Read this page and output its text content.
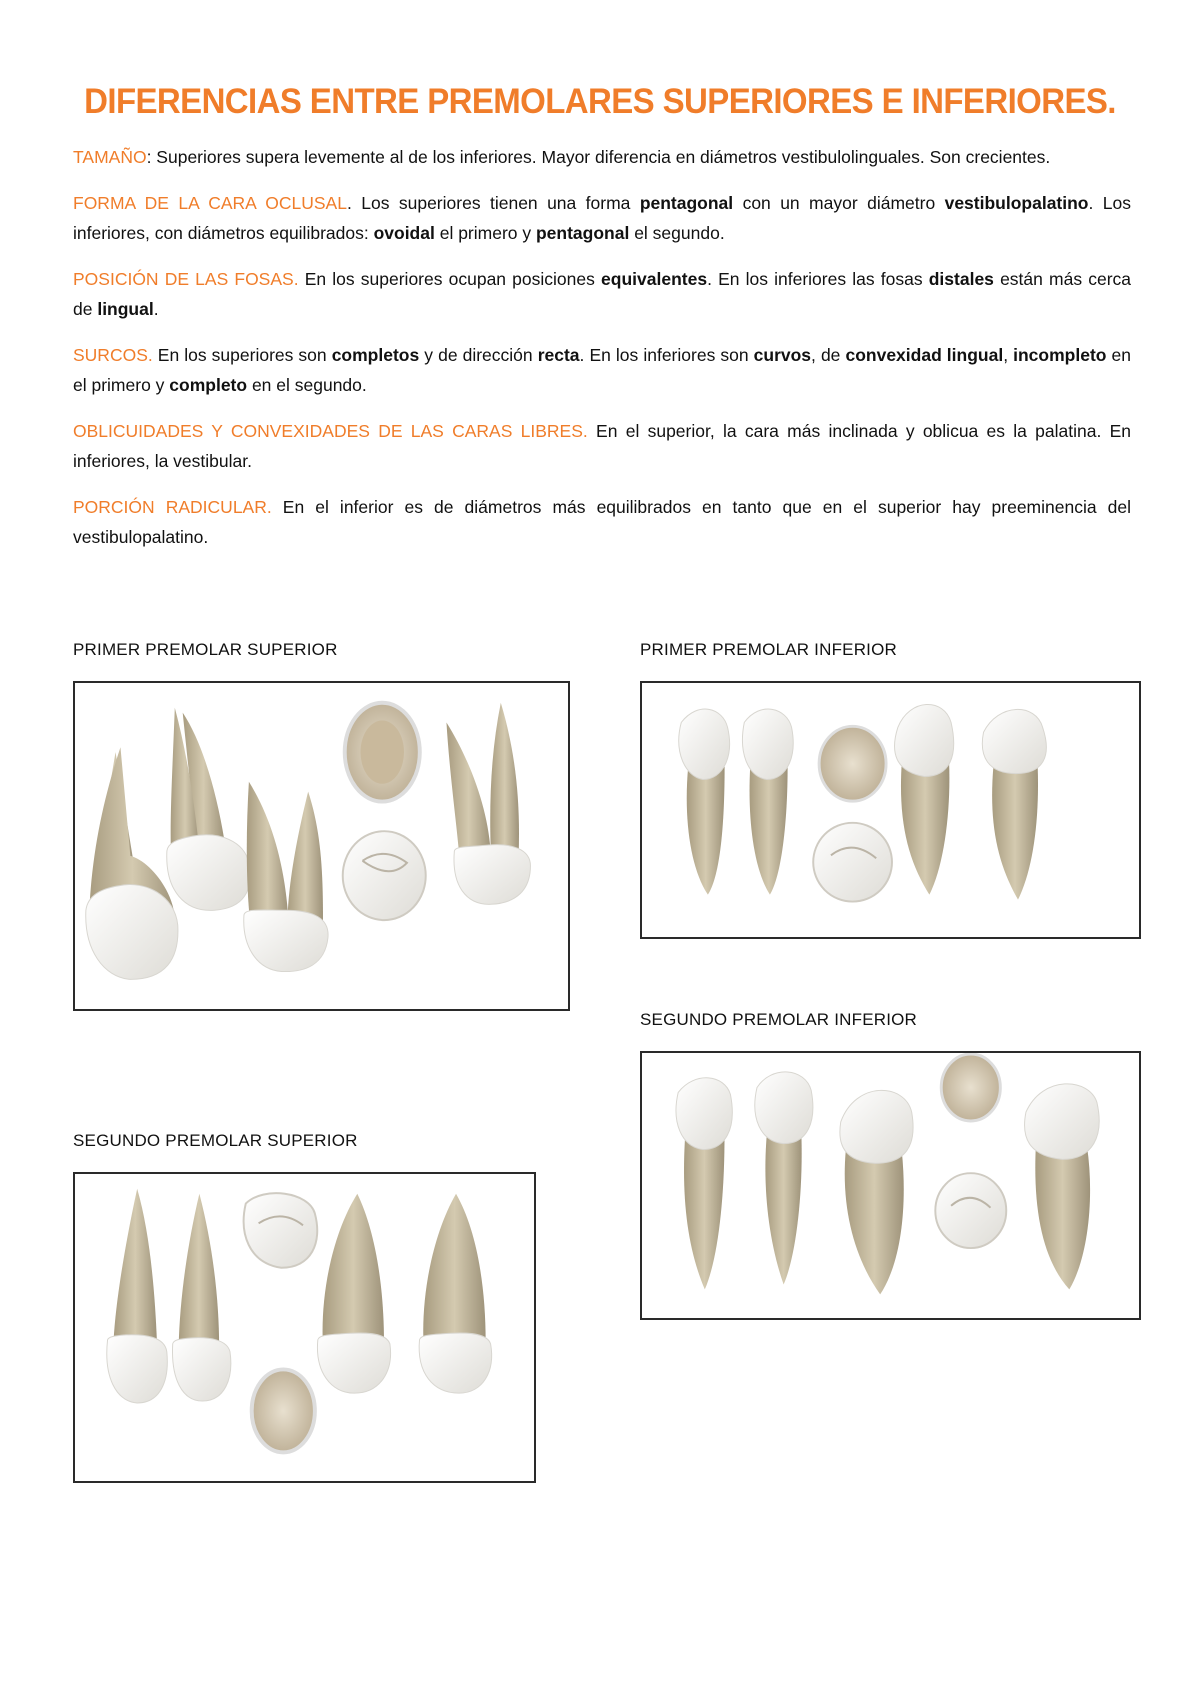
DIFERENCIAS ENTRE PREMOLARES SUPERIORES E INFERIORES.

TAMAÑO: Superiores supera levemente al de los inferiores. Mayor diferencia en diámetros vestibulolinguales. Son crecientes.

FORMA DE LA CARA OCLUSAL. Los superiores tienen una forma pentagonal con un mayor diámetro vestibulopalatino. Los inferiores, con diámetros equilibrados: ovoidal el primero y pentagonal el segundo.

POSICIÓN DE LAS FOSAS. En los superiores ocupan posiciones equivalentes. En los inferiores las fosas distales están más cerca de lingual.

SURCOS. En los superiores son completos y de dirección recta. En los inferiores son curvos, de convexidad lingual, incompleto en el primero y completo en el segundo.

OBLICUIDADES Y CONVEXIDADES DE LAS CARAS LIBRES. En el superior, la cara más inclinada y oblicua es la palatina. En inferiores, la vestibular.

PORCIÓN RADICULAR. En el inferior es de diámetros más equilibrados en tanto que en el superior hay preeminencia del vestibulopalatino.

PRIMER PREMOLAR SUPERIOR	PRIMER PREMOLAR INFERIOR
SEGUNDO PREMOLAR INFERIOR
SEGUNDO PREMOLAR SUPERIOR
